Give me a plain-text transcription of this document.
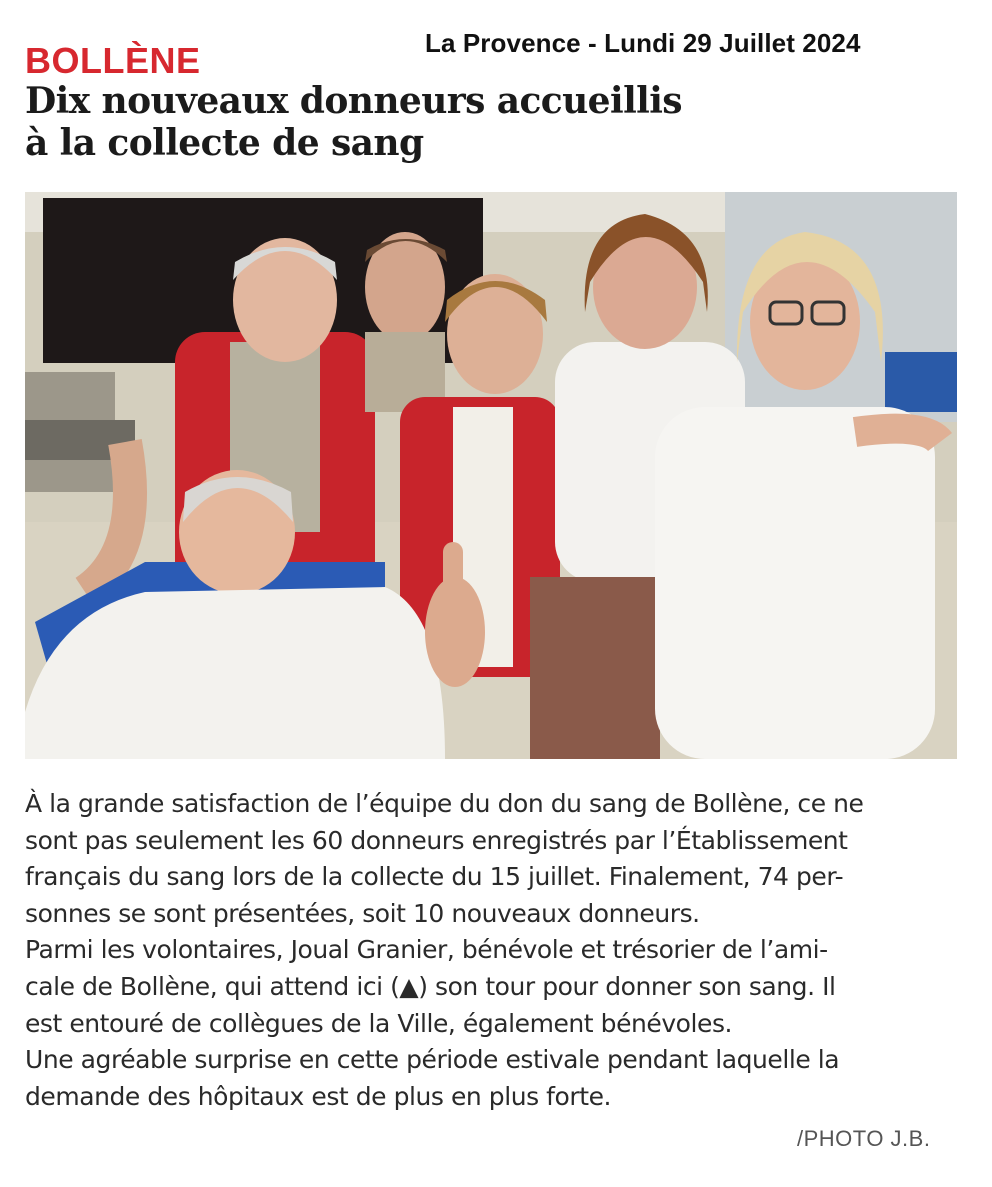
La Provence - Lundi 29 Juillet 2024
BOLLÈNE
Dix nouveaux donneurs accueillis
à la collecte de sang
À la grande satisfaction de l’équipe du don du sang de Bollène, ce ne
sont pas seulement les 60 donneurs enregistrés par l’Établissement
français du sang lors de la collecte du 15 juillet. Finalement, 74 per-
sonnes se sont présentées, soit 10 nouveaux donneurs.
Parmi les volontaires, Joual Granier, bénévole et trésorier de l’ami-
cale de Bollène, qui attend ici (▲) son tour pour donner son sang. Il
est entouré de collègues de la Ville, également bénévoles.
Une agréable surprise en cette période estivale pendant laquelle la
demande des hôpitaux est de plus en plus forte.
/PHOTO J.B.
